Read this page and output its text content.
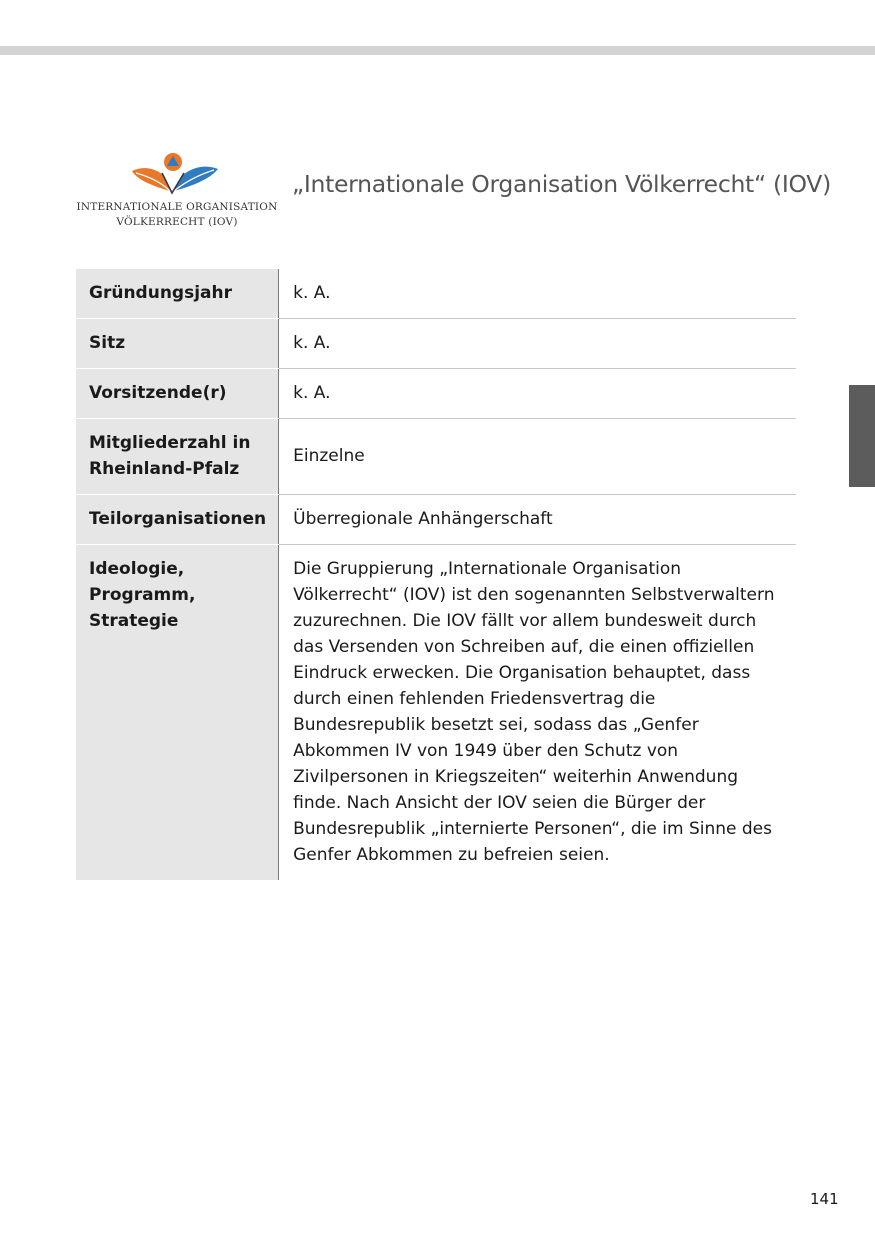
INTERNATIONALE ORGANISATION
VÖLKERRECHT (IOV)
„Internationale Organisation Völkerrecht“ (IOV)
Gründungsjahr	k. A.
Sitz	k. A.
Vorsitzende(r)	k. A.
Mitgliederzahl in Rheinland-Pfalz	Einzelne
Teilorganisationen	Überregionale Anhängerschaft
Ideologie, Programm, Strategie	Die Gruppierung „Internationale Organisation Völkerrecht“ (IOV) ist den sogenannten Selbstverwaltern zuzurechnen. Die IOV fällt vor allem bundesweit durch das Versenden von Schreiben auf, die einen offiziellen Eindruck erwecken. Die Organisation behauptet, dass durch einen fehlenden Friedensvertrag die Bundesrepublik besetzt sei, sodass das „Genfer Abkommen IV von 1949 über den Schutz von Zivilpersonen in Kriegszeiten“ weiterhin Anwendung finde. Nach Ansicht der IOV seien die Bürger der Bundesrepublik „internierte Personen“, die im Sinne des Genfer Abkommen zu befreien seien.
141
